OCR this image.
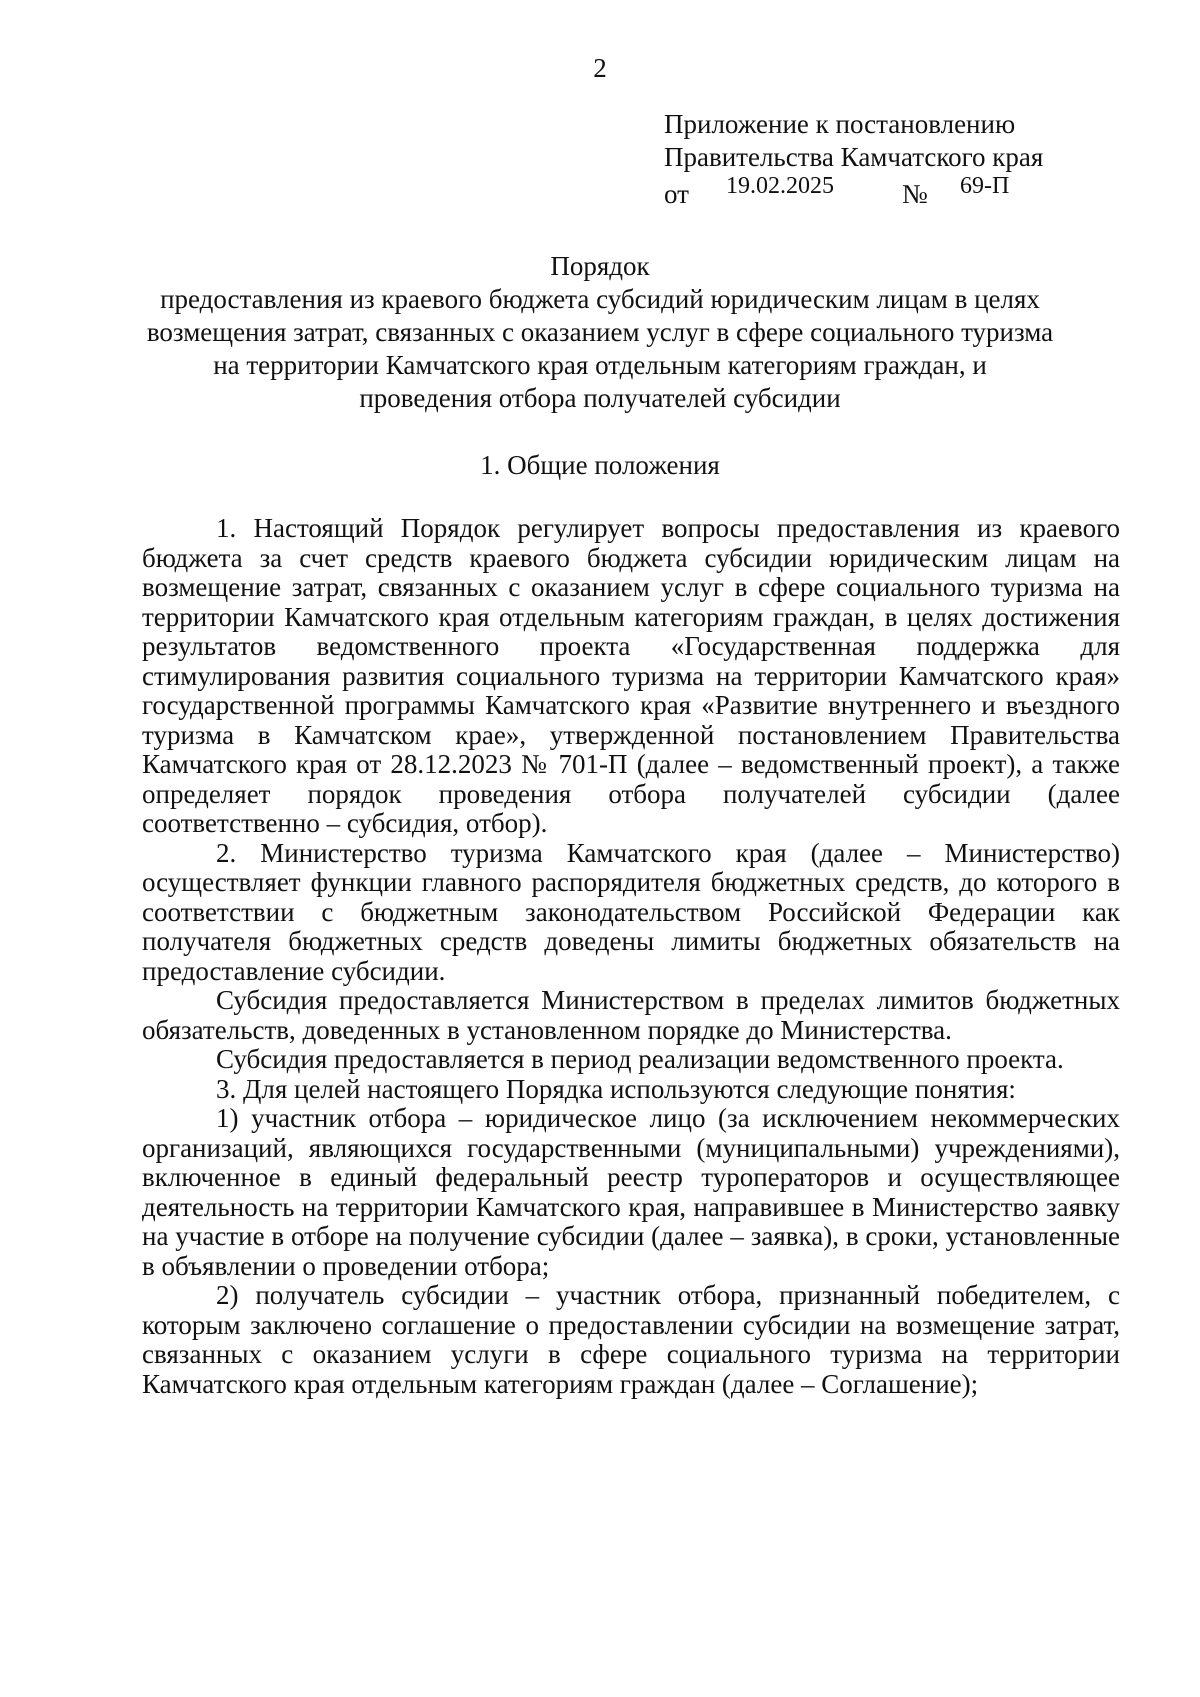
2
Приложение к постановлению
Правительства Камчатского края
от 19.02.2025	№ 69-П
Порядок
предоставления из краевого бюджета субсидий юридическим лицам в целях
возмещения затрат, связанных с оказанием услуг в сфере социального туризма
на территории Камчатского края отдельным категориям граждан, и
проведения отбора получателей субсидии
1. Общие положения

1. Настоящий Порядок регулирует вопросы предоставления из краевого бюджета за счет средств краевого бюджета субсидии юридическим лицам на возмещение затрат, связанных с оказанием услуг в сфере социального туризма на территории Камчатского края отдельным категориям граждан, в целях достижения результатов ведомственного проекта «Государственная поддержка для стимулирования развития социального туризма на территории Камчатского края» государственной программы Камчатского края «Развитие внутреннего и въездного туризма в Камчатском крае», утвержденной постановлением Правительства Камчатского края от 28.12.2023 № 701-П (далее – ведомственный проект), а также определяет порядок проведения отбора получателей субсидии (далее соответственно – субсидия, отбор).

2. Министерство туризма Камчатского края (далее – Министерство) осуществляет функции главного распорядителя бюджетных средств, до которого в соответствии с бюджетным законодательством Российской Федерации как получателя бюджетных средств доведены лимиты бюджетных обязательств на предоставление субсидии.

Субсидия предоставляется Министерством в пределах лимитов бюджетных обязательств, доведенных в установленном порядке до Министерства.

Субсидия предоставляется в период реализации ведомственного проекта.

3. Для целей настоящего Порядка используются следующие понятия:

1) участник отбора – юридическое лицо (за исключением некоммерческих организаций, являющихся государственными (муниципальными) учреждениями), включенное в единый федеральный реестр туроператоров и осуществляющее деятельность на территории Камчатского края, направившее в Министерство заявку на участие в отборе на получение субсидии (далее – заявка), в сроки, установленные в объявлении о проведении отбора;

2) получатель субсидии – участник отбора, признанный победителем, с которым заключено соглашение о предоставлении субсидии на возмещение затрат, связанных с оказанием услуги в сфере социального туризма на территории Камчатского края отдельным категориям граждан (далее – Соглашение);
